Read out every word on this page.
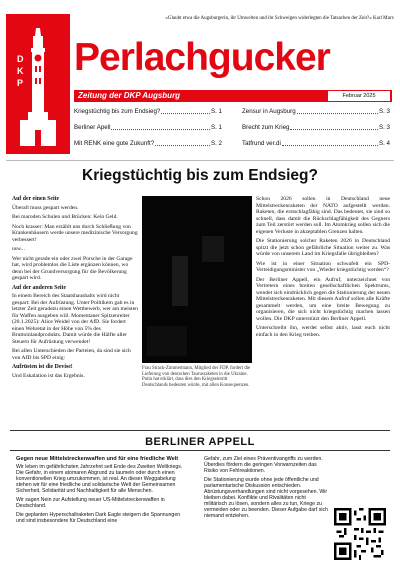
D
K
P
»Glaubt etwa die Augsburgerin, ihr Umwelten und ihr Schweigen widerlegten die Tatsachen der Zeit?« Karl Marx
Perlachgucker
Zeitung der DKP Augsburg	Februar 2025
Kriegstüchtig bis zum Endsieg?	S. 1	Zensur in Augsburg	S. 3
Berliner Apell	S. 1	Brecht zum Krieg	S. 3
Mit RENK eine gute Zukunft?	S. 2	Tatfrund ver.di	S. 4
Kriegstüchtig bis zum Endsieg?
Auf der einen Seite

Überall muss gespart werden.

Bei maroden Schulen und Brücken: Kein Geld.

Noch krasser: Man erzählt uns durch Schließung von Krankenhäusern werde unsere medizinische Versorgung verbessert!

usw...

Wer nicht gerade ein oder zwei Porsche in der Garage hat, wird problemlos die Liste ergänzen können, wo denn bei der Grundversorgung für die Bevölkerung gespart wird.

Auf der anderen Seite

In einem Bereich des Staatshaushalts wird nicht gespart: Bei der Aufrüstung. Unter Politikern gab es in letzter Zeit geradezu einen Wettbewerb, wer am meisten für Waffen ausgeben will. Momentaner Spitzenreiter (20.1.2025): Alice Weidel von der AfD. Sie fordert einen Wehretat in der Höhe von 5% des Bruttoinlandprodukts. Damit würde die Hälfte aller Steuern für Aufrüstung verwendet!

Bei allen Unterschieden der Parteien, da sind sie sich von AfD bis SPD einig:

Aufrüsten ist die Devise!

Und Eskalation ist das Ergebnis.

Frau Strack-Zimmermann, Mitglied der FDP, fordert die Lieferung von deutschen Taurusraketen in die Ukraine. Putin hat erklärt, dass dies den Kriegseintritt Deutschlands bedeuten würde, mit allen Konsequenzen.

Schon 2026 sollen in Deutschland neue Mittelstreckenraketen der NATO aufgestellt werden. Raketen, die erstschlagfähig sind. Das bedeutet, sie sind so schnell, dass damit die Rückschlagfähigkeit des Gegners zum Teil zerstört werden soll. Im Atomkrieg sollen sich die eigenen Verluste in akzeptablen Grenzen halten.

Die Stationierung solcher Raketen 2026 in Deutschland spitzt die jetzt schon gefährliche Situation weiter zu. Was würde von unserem Land im Kriegsfalle übrigbleiben?

Wie ist in einer Situation schwafelt ein SPD-Verteidigungsminister von „Wieder kriegstüchtig werden“?

Der Berliner Appell, ein Aufruf, unterzeichnet von Vertretern eines breiten gesellschaftlichen Spektrums, wendet sich eindrücklich gegen die Stationierung der neuen Mittelstreckenraketen. Mit diesem Aufruf sollen alle Kräfte gesammelt werden, um eine breite Bewegung zu organisieren, die sich nicht kriegstüchtig machen lassen wollen. Die DKP unterstützt den Berliner Appell.

Unterschreibt ihn, werdet selbst aktiv, lasst euch nicht einfach in den Krieg treiben.

BERLINER APPELL
Gegen neue Mittelstreckenwaffen und für eine friedliche Welt

Wir leben im gefährlichsten Jahrzehnt seit Ende des Zweiten Weltkriegs. Die Gefahr, in einem atomaren Abgrund zu taumeln oder durch einen konventionellen Krieg umzukommen, ist real. An dieser Weggabelung stehen wir für eine friedliche und solidarische Welt der Gemeinsamen Sicherheit, Solidarität und Nachhaltigkeit für alle Menschen.

Wir sagen Nein zur Aufstellung neuer US-Mittelstreckenwaffen in Deutschland.

Die geplanten Hyperschallraketen Dark Eagle steigern die Spannungen und sind insbesondere für Deutschland eine

Gefahr, zum Ziel eines Präventivangriffs zu werden. Überdies fördern die geringen Vorwarnzeiten das Risiko von Fehlreaktionen.

Die Stationierung wurde ohne jede öffentliche und parlamentarische Diskussion entschieden. Abrüstungsverhandlungen sind nicht vorgesehen. Wir bleiben dabei. Konflikte und Rivalitäten nicht militärisch zu lösen, sondern alles zu tun, Kriege zu vermeiden oder zu beenden. Dieser Aufgabe darf sich niemand entziehen.
